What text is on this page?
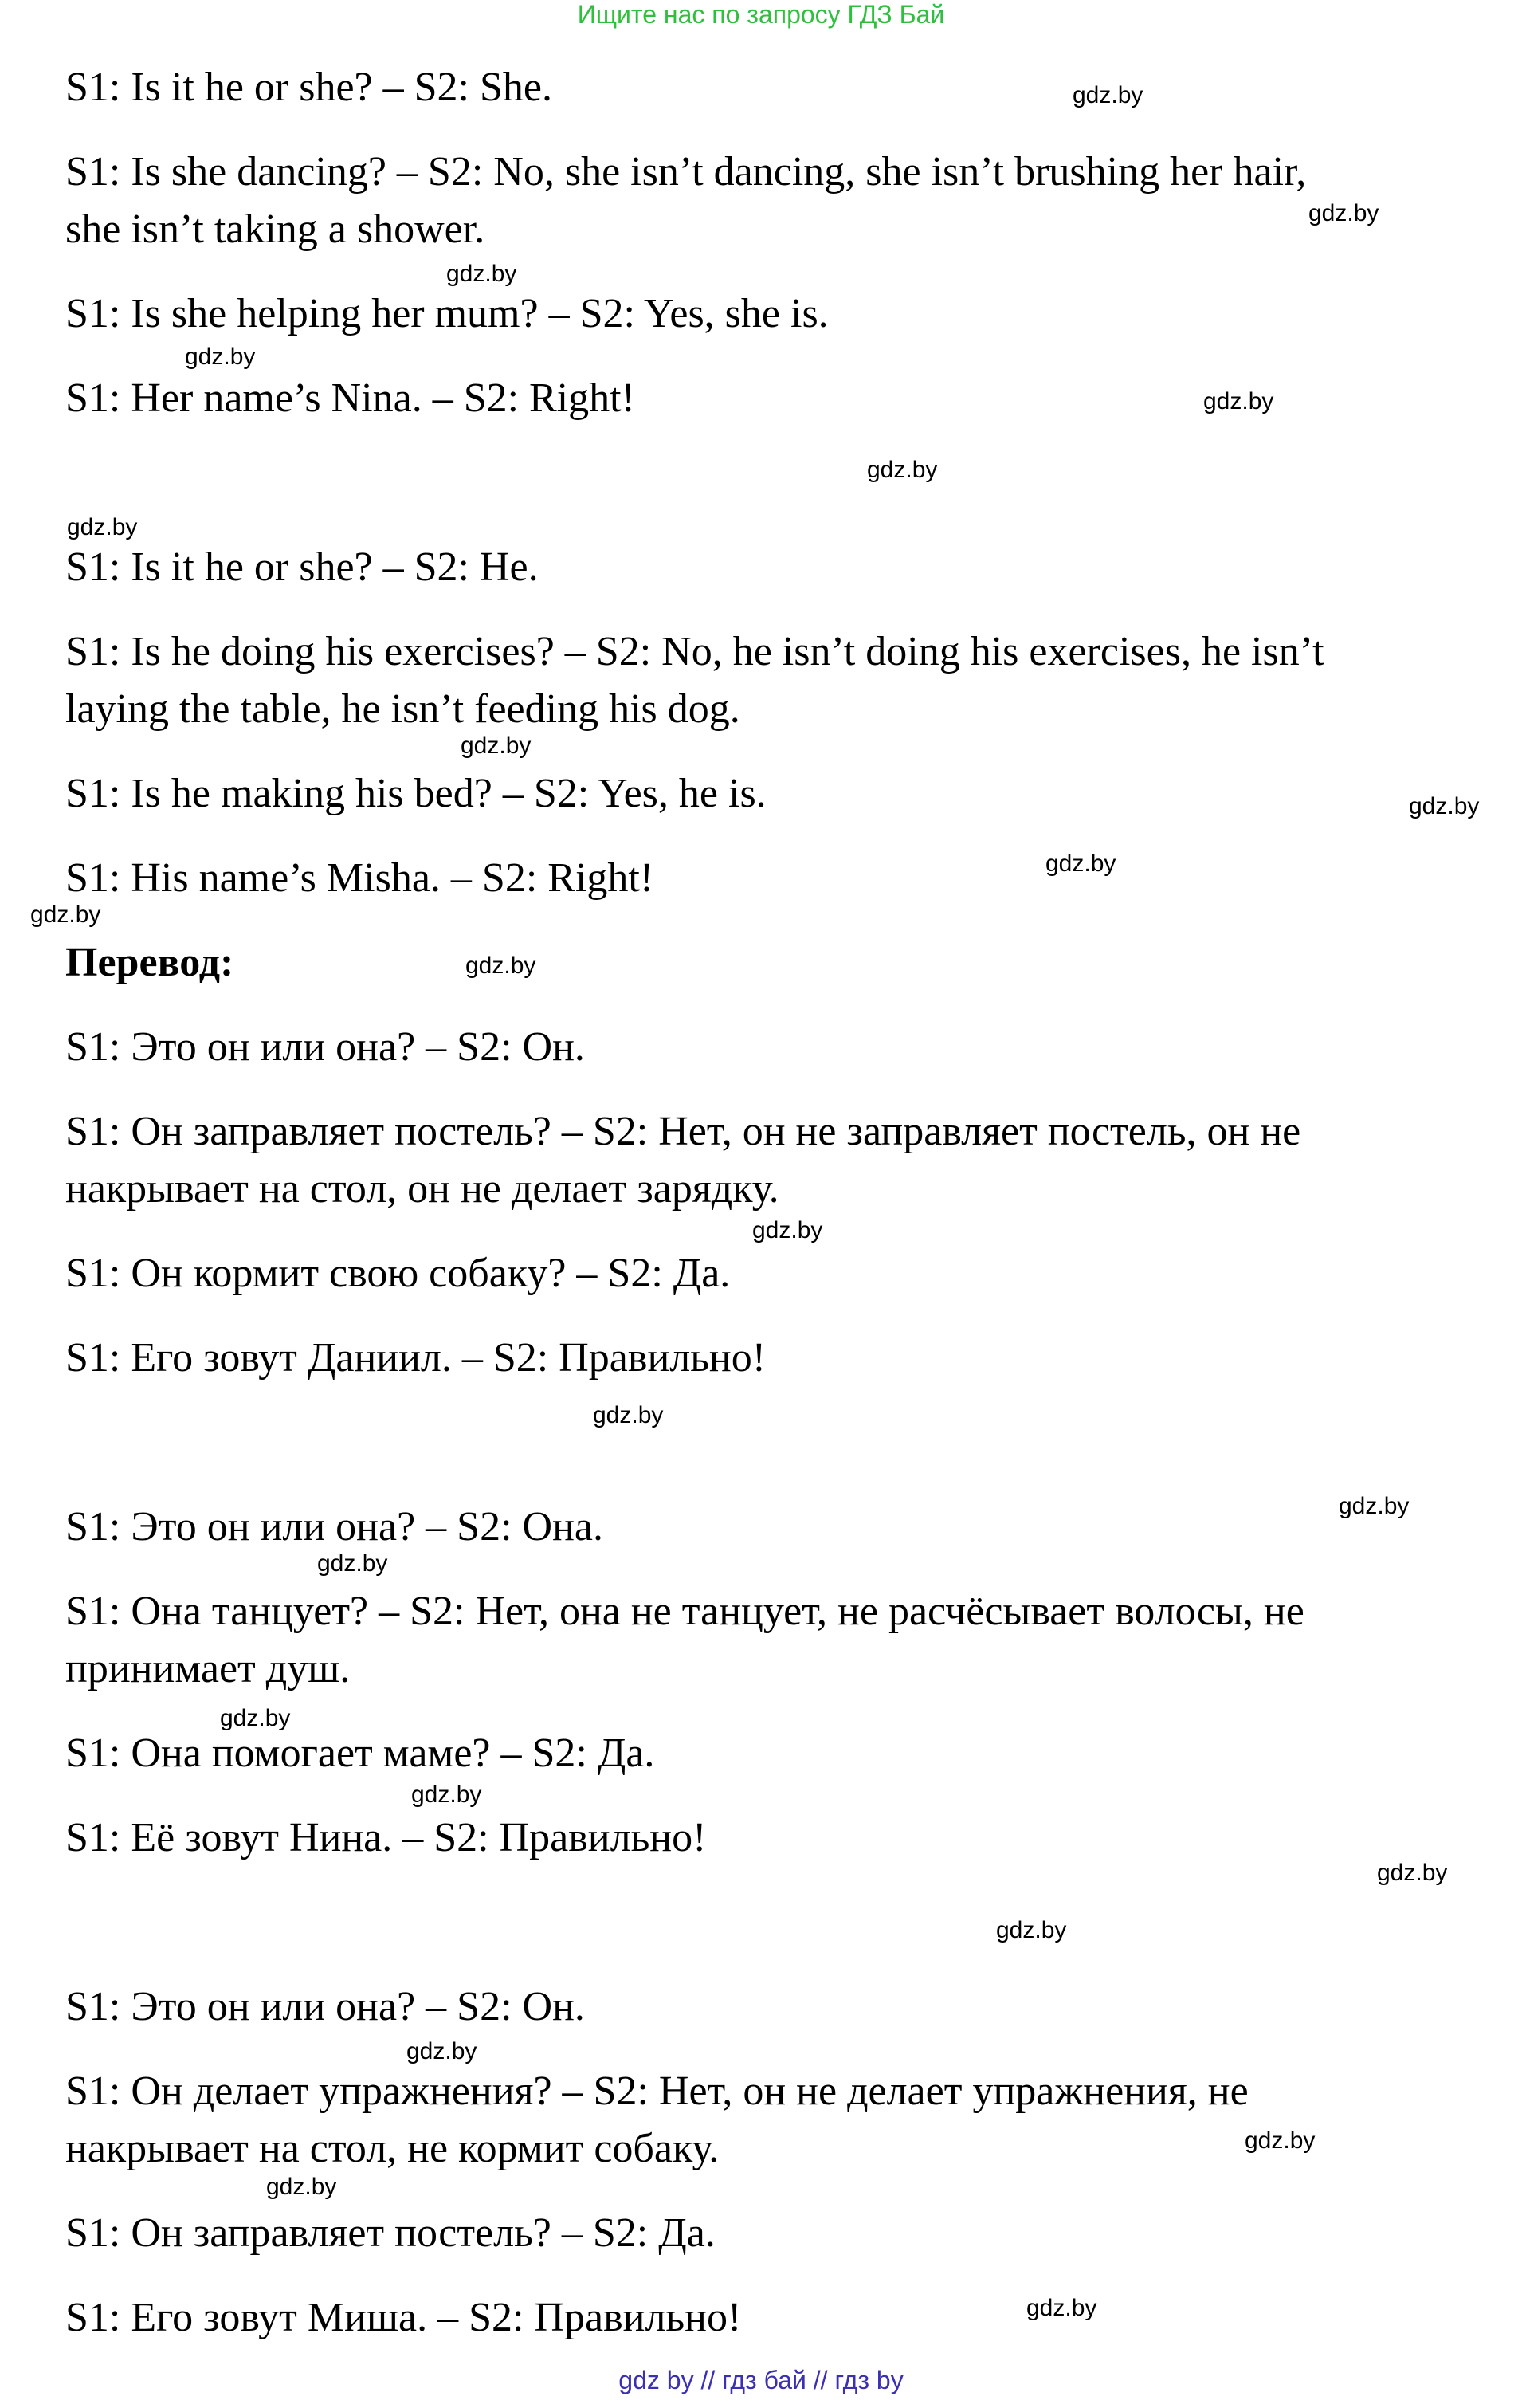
Ищите нас по запросу ГДЗ Бай
S1: Is it he or she? – S2: She.
S1: Is she dancing? – S2: No, she isn’t dancing, she isn’t brushing her hair,
she isn’t taking a shower.
S1: Is she helping her mum? – S2: Yes, she is.
S1: Her name’s Nina. – S2: Right!
S1: Is it he or she? – S2: He.
S1: Is he doing his exercises? – S2: No, he isn’t doing his exercises, he isn’t
laying the table, he isn’t feeding his dog.
S1: Is he making his bed? – S2: Yes, he is.
S1: His name’s Misha. – S2: Right!
Перевод:
S1: Это он или она? – S2: Он.
S1: Он заправляет постель? – S2: Нет, он не заправляет постель, он не
накрывает на стол, он не делает зарядку.
S1: Он кормит свою собаку? – S2: Да.
S1: Его зовут Даниил. – S2: Правильно!
S1: Это он или она? – S2: Она.
S1: Она танцует? – S2: Нет, она не танцует, не расчёсывает волосы, не
принимает душ.
S1: Она помогает маме? – S2: Да.
S1: Её зовут Нина. – S2: Правильно!
S1: Это он или она? – S2: Он.
S1: Он делает упражнения? – S2: Нет, он не делает упражнения, не
накрывает на стол, не кормит собаку.
S1: Он заправляет постель? – S2: Да.
S1: Его зовут Миша. – S2: Правильно!
gdz.by
gdz.by
gdz.by
gdz.by
gdz.by
gdz.by
gdz.by
gdz.by
gdz.by
gdz.by
gdz.by
gdz.by
gdz.by
gdz.by
gdz.by
gdz.by
gdz.by
gdz.by
gdz.by
gdz.by
gdz.by
gdz.by
gdz.by
gdz.by
gdz by // гдз бай // гдз by
